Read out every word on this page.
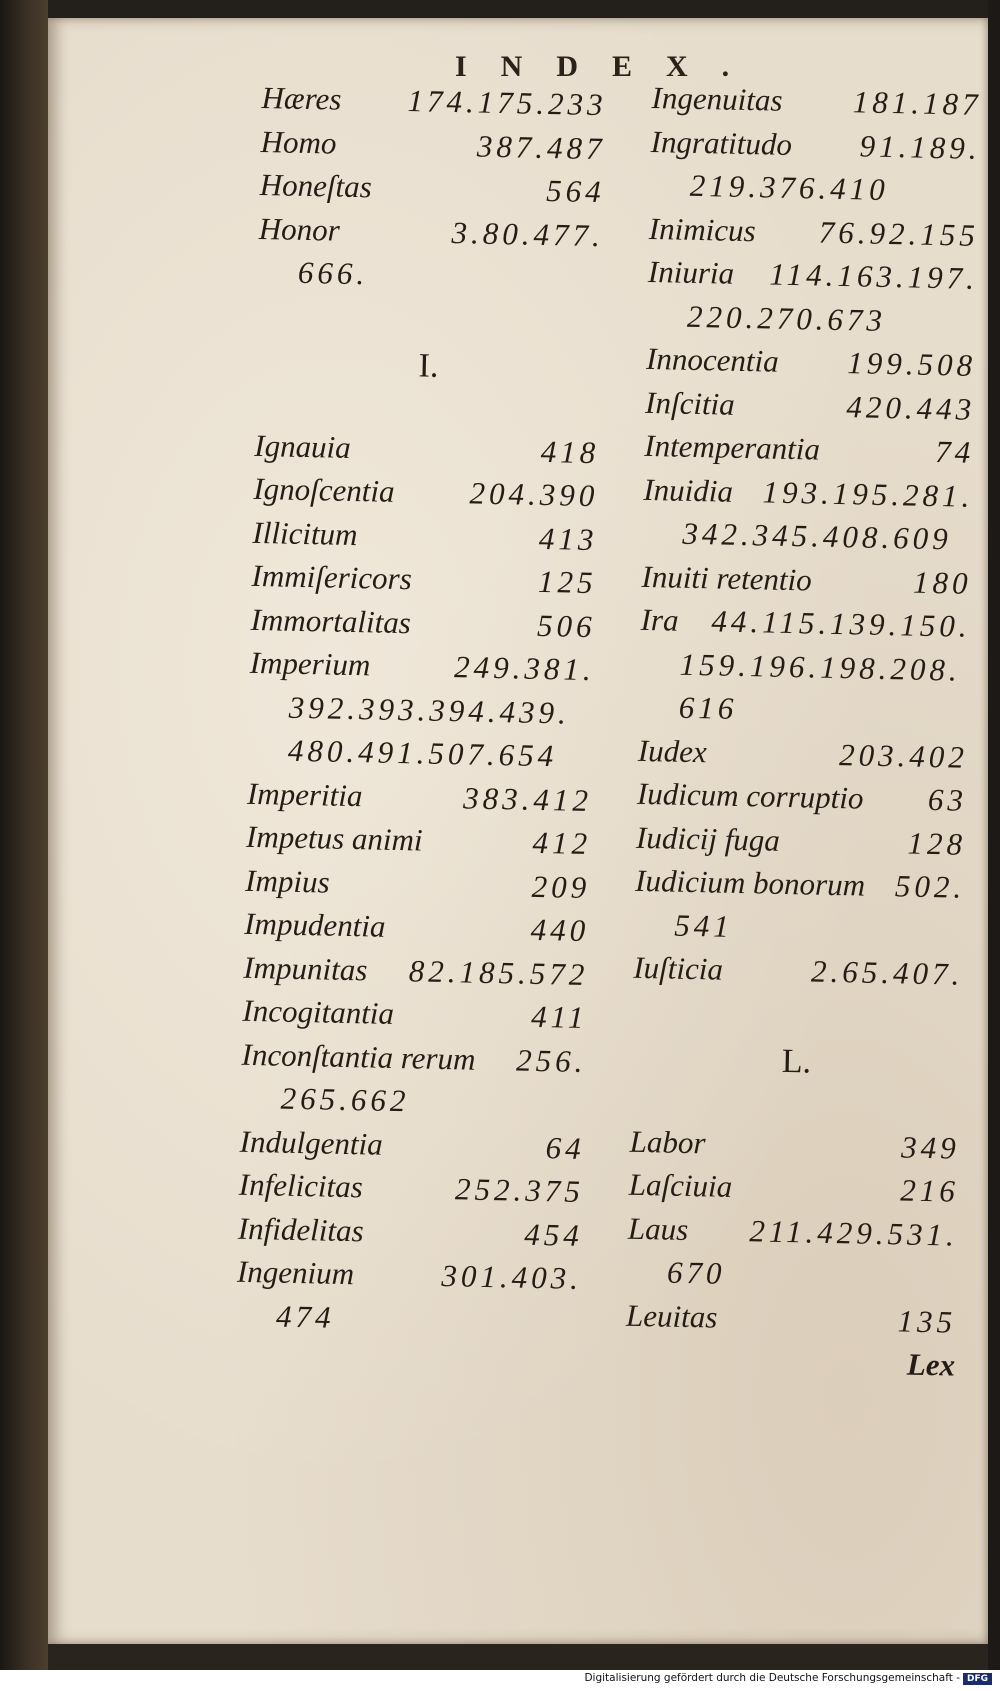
INDEX.
Hæres 174.175.233
Homo	387.487
Honeſtas	564
Honor	3.80.477.
666.
I.
Ignauia	418
Ignoſcentia 204.390
Illicitum	413
Immiſericors	125
Immortalitas	506
Imperium	249.381.
392.393.394.439.
480.491.507.654
Imperitia	383.412
Impetus animi	412
Impius	209
Impudentia	440
Impunitas 82.185.572
Incogitantia	411
Inconſtantia rerum 256.
265.662
Indulgentia	64
Infelicitas	252.375
Infidelitas	454
Ingenium	301.403.
474
Ingenuitas 181.187
Ingratitudo 91.189.
219.376.410
Inimicus 76.92.155
Iniuria 114.163.197.
220.270.673
Innocentia 199.508
Inſcitia	420.443
Intemperantia	74
Inuidia 193.195.281.
342.345.408.609
Inuiti retentio	180
Ira 44.115.139.150.
159.196.198.208.
616
Iudex	203.402
Iudicum corruptio 63
Iudicij fuga	128
Iudicium bonorum 502.
541
Iuſticia	2.65.407.
L.
Labor	349
Laſciuia	216
Laus 211.429.531.
670
Leuitas	135
Lex
Digitalisierung gefördert durch die Deutsche Forschungsgemeinschaft - DFG
